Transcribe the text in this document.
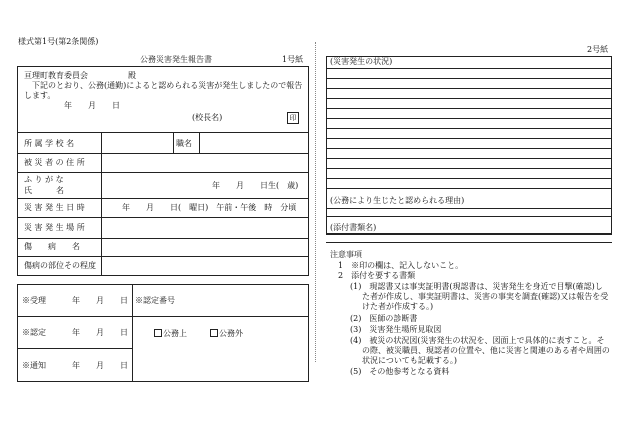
様式第1号(第2条関係)
公務災害発生報告書	1号紙
2号紙
亘理町教育委員会	殿
下記のとおり、公務(通勤)によると認められる災害が発生しましたので報告
します。
年　　月　　日
(校長名)	印
所 属 学 校 名	職名
被 災 者 の 住 所
ふ り が な
氏　　　名
年　　月　　日生(　歳)
災 害 発 生 日 時	年　　月　　日(　曜日)　午前・午後　時　分頃
災 害 発 生 場 所
傷　　病　　名
傷病の部位その程度
※受理	年　　月　　日 ※認定番号
※認定	年　　月　　日	公務上	公務外
※通知	年　　月　　日
(災害発生の状況)
(公務により生じたと認められる理由)
(添付書類名)
注意事項
1　※印の欄は、記入しないこと。
2　添付を要する書類
(1)　現認書又は事実証明書(現認書は、災害発生を身近で目撃(確認)し
た者が作成し、事実証明書は、災害の事実を調査(確認)又は報告を受
けた者が作成する。)
(2)　医師の診断書
(3)　災害発生場所見取図
(4)　被災の状況図(災害発生の状況を、図面上で具体的に表すこと。そ
の際、被災職員、現認者の位置や、他に災害と関連のある者や周囲の
状況についても記載する。)
(5)　その他参考となる資料
